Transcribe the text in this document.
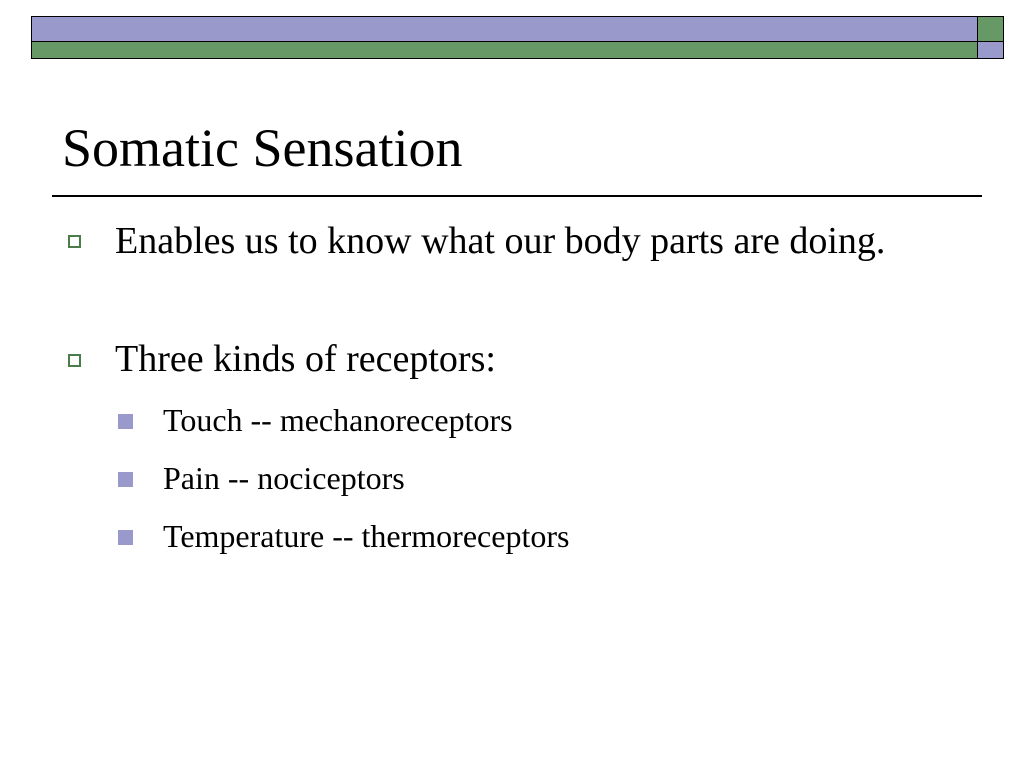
Somatic Sensation
Enables us to know what our body parts are doing.
Three kinds of receptors:
Touch -- mechanoreceptors
Pain -- nociceptors
Temperature -- thermoreceptors
